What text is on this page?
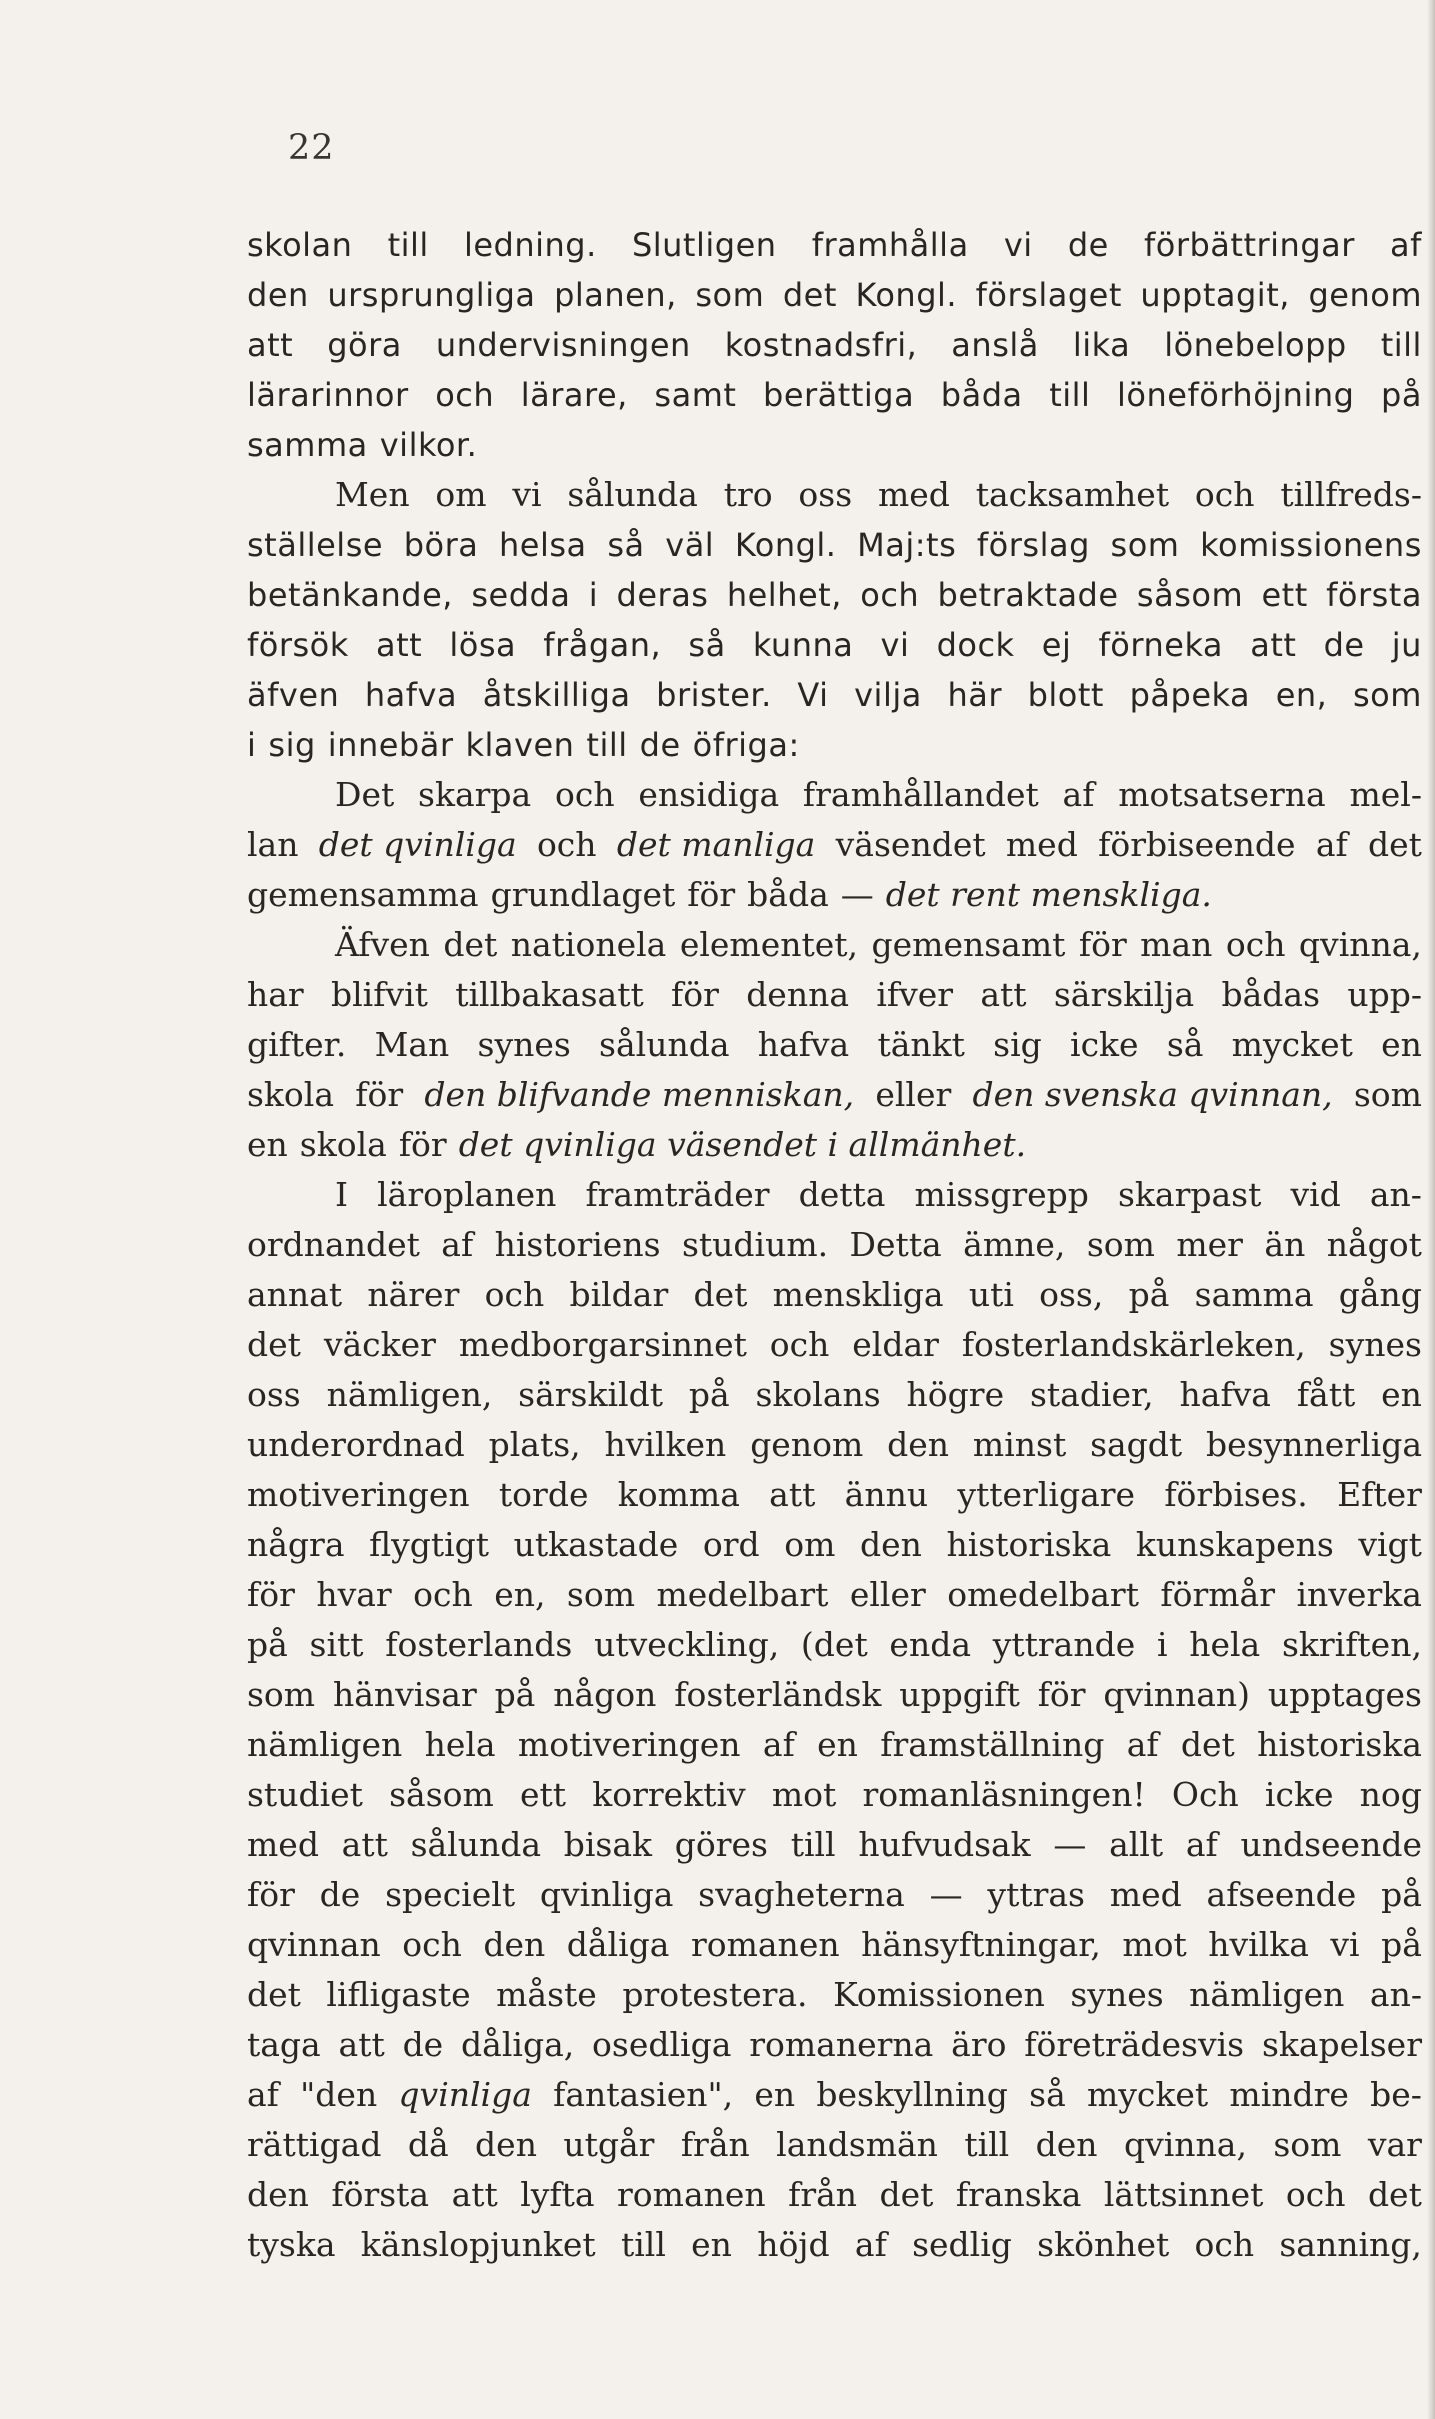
22
skolan till ledning. Slutligen framhålla vi de förbättringar af
den ursprungliga planen, som det Kongl. förslaget upptagit, genom
att göra undervisningen kostnadsfri, anslå lika lönebelopp till
lärarinnor och lärare, samt berättiga båda till löneförhöjning på
samma vilkor.
Men om vi sålunda tro oss med tacksamhet och tillfreds-
ställelse böra helsa så väl Kongl. Maj:ts förslag som komissionens
betänkande, sedda i deras helhet, och betraktade såsom ett första
försök att lösa frågan, så kunna vi dock ej förneka att de ju
äfven hafva åtskilliga brister. Vi vilja här blott påpeka en, som
i sig innebär klaven till de öfriga:
Det skarpa och ensidiga framhållandet af motsatserna mel-
lan det qvinliga och det manliga väsendet med förbiseende af det
gemensamma grundlaget för båda — det rent menskliga.
Äfven det nationela elementet, gemensamt för man och qvinna,
har blifvit tillbakasatt för denna ifver att särskilja bådas upp-
gifter. Man synes sålunda hafva tänkt sig icke så mycket en
skola för den blifvande menniskan, eller den svenska qvinnan, som
en skola för det qvinliga väsendet i allmänhet.
I läroplanen framträder detta missgrepp skarpast vid an-
ordnandet af historiens studium. Detta ämne, som mer än något
annat närer och bildar det menskliga uti oss, på samma gång
det väcker medborgarsinnet och eldar fosterlandskärleken, synes
oss nämligen, särskildt på skolans högre stadier, hafva fått en
underordnad plats, hvilken genom den minst sagdt besynnerliga
motiveringen torde komma att ännu ytterligare förbises. Efter
några flygtigt utkastade ord om den historiska kunskapens vigt
för hvar och en, som medelbart eller omedelbart förmår inverka
på sitt fosterlands utveckling, (det enda yttrande i hela skriften,
som hänvisar på någon fosterländsk uppgift för qvinnan) upptages
nämligen hela motiveringen af en framställning af det historiska
studiet såsom ett korrektiv mot romanläsningen! Och icke nog
med att sålunda bisak göres till hufvudsak — allt af undseende
för de specielt qvinliga svagheterna — yttras med afseende på
qvinnan och den dåliga romanen hänsyftningar, mot hvilka vi på
det lifligaste måste protestera. Komissionen synes nämligen an-
taga att de dåliga, osedliga romanerna äro företrädesvis skapelser
af "den qvinliga fantasien", en beskyllning så mycket mindre be-
rättigad då den utgår från landsmän till den qvinna, som var
den första att lyfta romanen från det franska lättsinnet och det
tyska känslopjunket till en höjd af sedlig skönhet och sanning,
